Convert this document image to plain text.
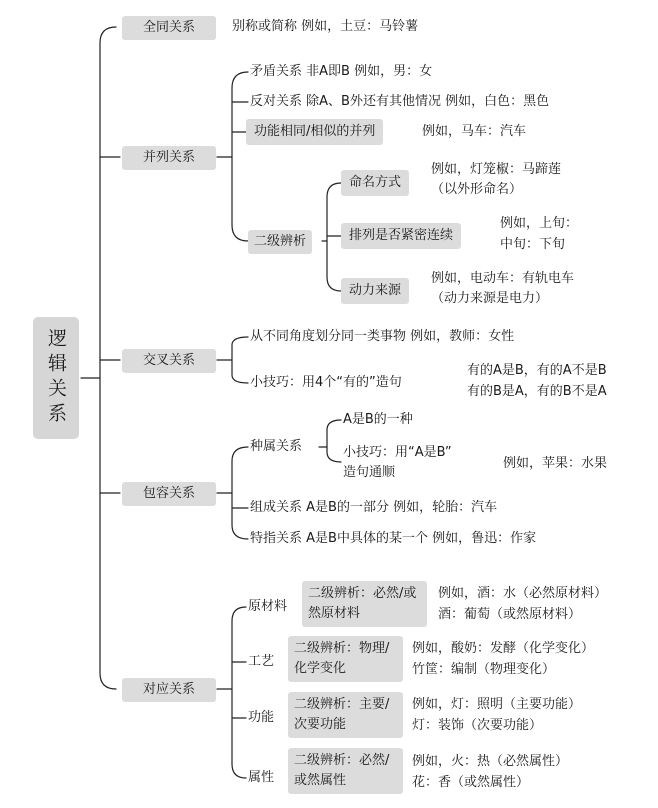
逻辑关系
全同关系	别称或简称 例如，土豆：马铃薯
并列关系
矛盾关系 非A即B 例如，男：女
反对关系 除A、B外还有其他情况 例如，白色：黑色
功能相同/相似的并列	例如，马车：汽车
二级辨析
命名方式
例如，灯笼椒：马蹄莲
（以外形命名）
排列是否紧密连续
例如，上旬：
中旬：下旬
动力来源
例如，电动车：有轨电车
（动力来源是电力）
交叉关系
从不同角度划分同一类事物 例如，教师：女性
小技巧：用4个“有的”造句
有的A是B，有的A不是B
有的B是A，有的B不是A
包容关系
种属关系
A是B的一种
小技巧：用“A是B”
造句通顺
例如，苹果：水果
组成关系 A是B的一部分 例如，轮胎：汽车
特指关系 A是B中具体的某一个 例如，鲁迅：作家
对应关系
原材料
二级辨析：必然/或然原材料
例如，酒：水（必然原材料）
酒：葡萄（或然原材料）
工艺
二级辨析：物理/化学变化
例如，酸奶：发酵（化学变化）
竹筐：编制（物理变化）
功能
二级辨析：主要/次要功能
例如，灯：照明（主要功能）
灯：装饰（次要功能）
属性
二级辨析：必然/或然属性
例如，火：热（必然属性）
花：香（或然属性）
